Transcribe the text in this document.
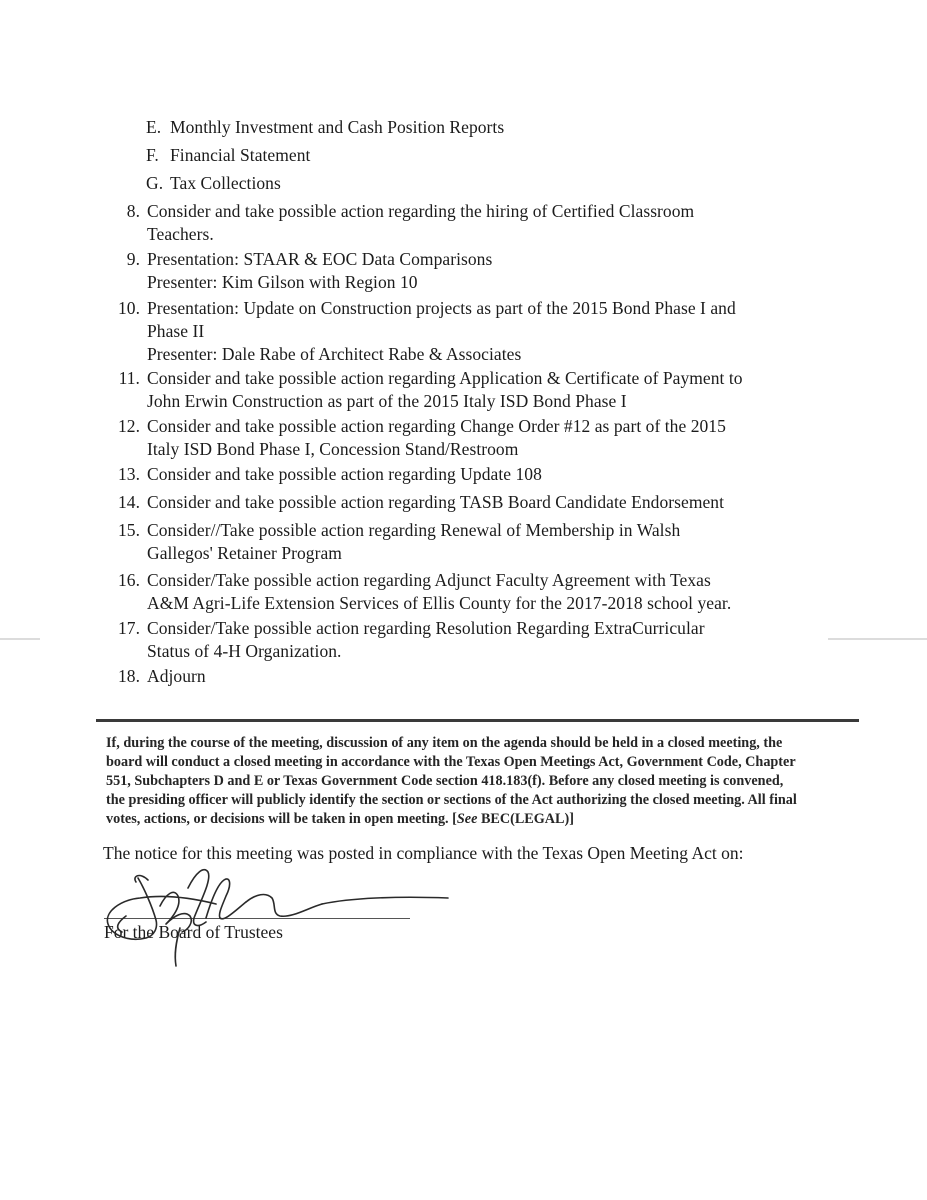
E. Monthly Investment and Cash Position Reports
F. Financial Statement
G. Tax Collections
8. Consider and take possible action regarding the hiring of Certified Classroom
Teachers.
9. Presentation: STAAR & EOC Data Comparisons
Presenter: Kim Gilson with Region 10
10. Presentation: Update on Construction projects as part of the 2015 Bond Phase I and
Phase II
Presenter: Dale Rabe of Architect Rabe & Associates
11. Consider and take possible action regarding Application & Certificate of Payment to
John Erwin Construction as part of the 2015 Italy ISD Bond Phase I
12. Consider and take possible action regarding Change Order #12 as part of the 2015
Italy ISD Bond Phase I, Concession Stand/Restroom
13. Consider and take possible action regarding Update 108
14. Consider and take possible action regarding TASB Board Candidate Endorsement
15. Consider//Take possible action regarding Renewal of Membership in Walsh
Gallegos' Retainer Program
16. Consider/Take possible action regarding Adjunct Faculty Agreement with Texas
A&M Agri-Life Extension Services of Ellis County for the 2017-2018 school year.
17. Consider/Take possible action regarding Resolution Regarding ExtraCurricular
Status of 4-H Organization.
18. Adjourn
If, during the course of the meeting, discussion of any item on the agenda should be held in a closed meeting, the
board will conduct a closed meeting in accordance with the Texas Open Meetings Act, Government Code, Chapter
551, Subchapters D and E or Texas Government Code section 418.183(f). Before any closed meeting is convened,
the presiding officer will publicly identify the section or sections of the Act authorizing the closed meeting. All final
votes, actions, or decisions will be taken in open meeting. [See BEC(LEGAL)]
The notice for this meeting was posted in compliance with the Texas Open Meeting Act on:
For the Board of Trustees
